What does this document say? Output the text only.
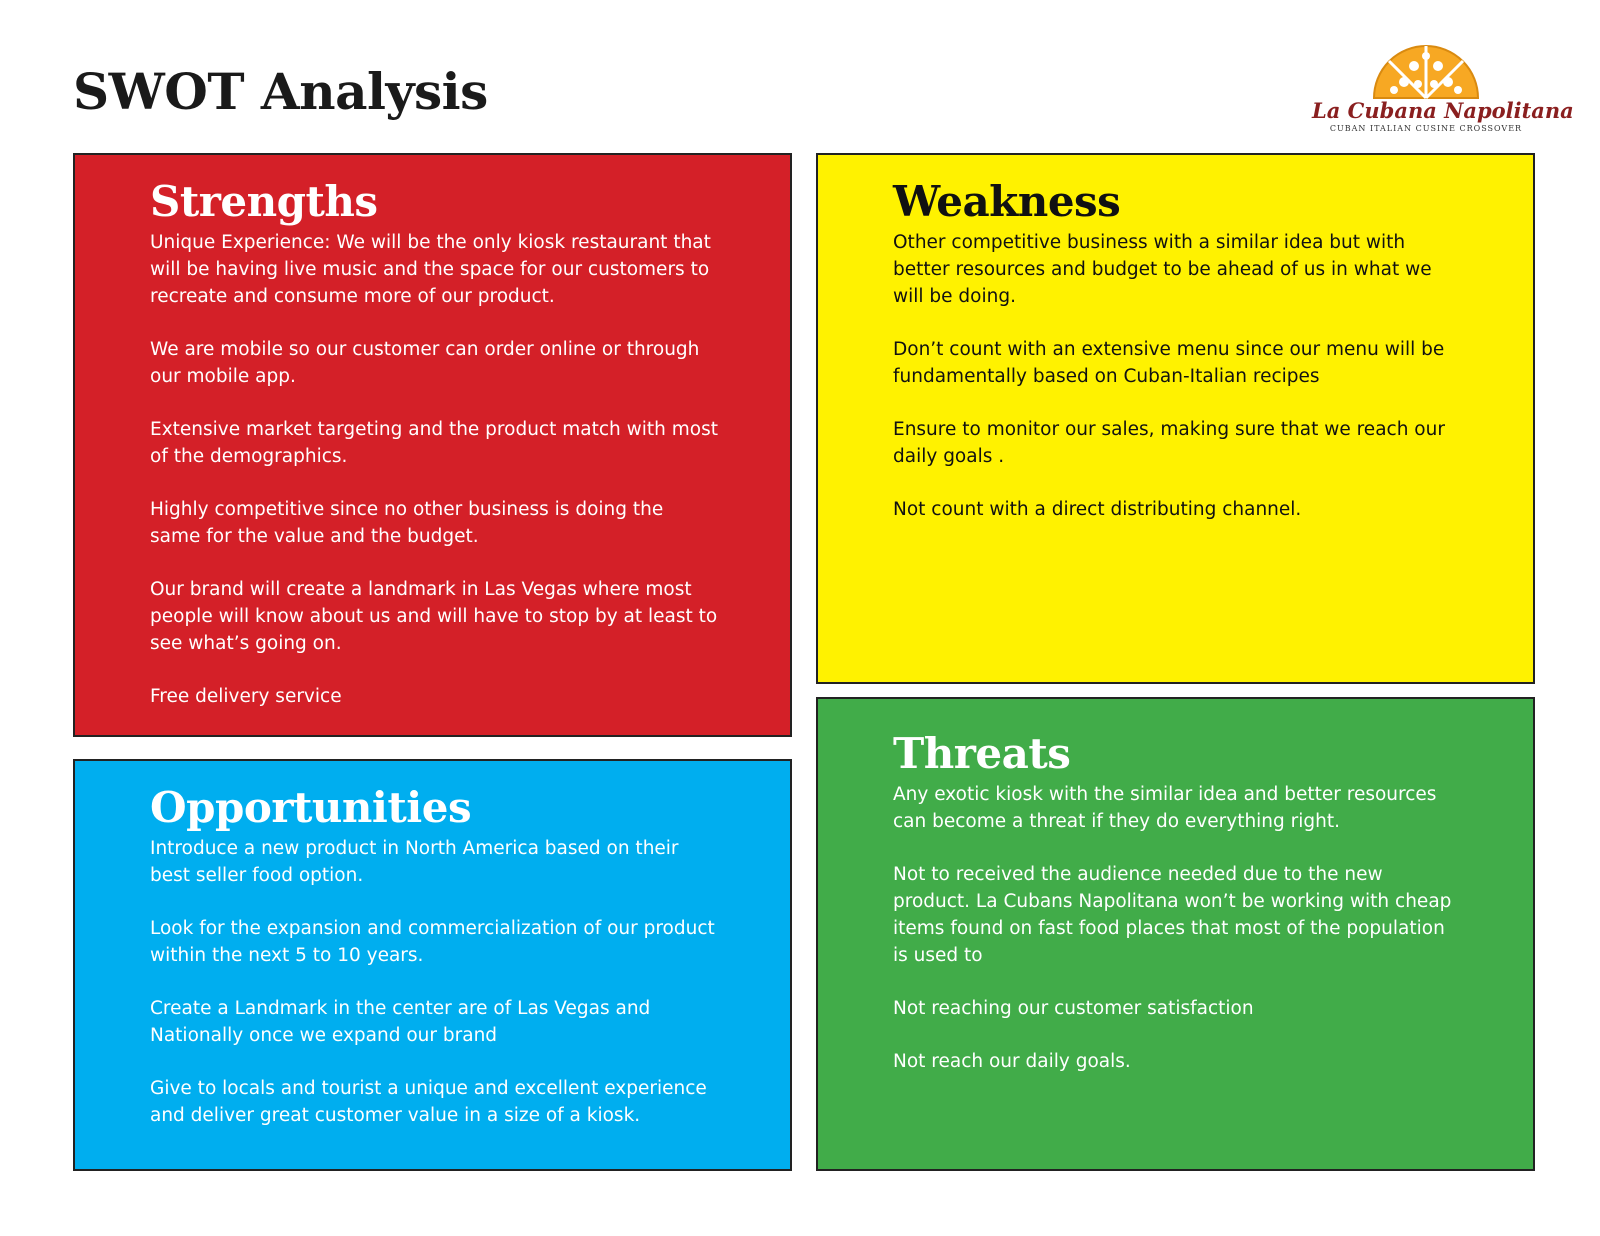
SWOT Analysis	La Cubana Napolitana
CUBAN ITALIAN CUSINE CROSSOVER
Strengths

Unique Experience: We will be the only kiosk restaurant that will be having live music and the space for our customers to recreate and consume more of our product.

We are mobile so our customer can order online or through our mobile app.

Extensive market targeting and the product match with most of the demographics.

Highly competitive since no other business is doing the same for the value and the budget.

Our brand will create a landmark in Las Vegas where most people will know about us and will have to stop by at least to see what’s going on.

Free delivery service

Weakness

Other competitive business with a similar idea but with better resources and budget to be ahead of us in what we will be doing.

Don’t count with an extensive menu since our menu will be fundamentally based on Cuban-Italian recipes

Ensure to monitor our sales, making sure that we reach our daily goals .

Not count with a direct distributing channel.

Opportunities

Introduce a new product in North America based on their best seller food option.

Look for the expansion and commercialization of our product within the next 5 to 10 years.

Create a Landmark in the center are of Las Vegas and Nationally once we expand our brand

Give to locals and tourist a unique and excellent experience and deliver great customer value in a size of a kiosk.

Threats

Any exotic kiosk with the similar idea and better resources can become a threat if they do everything right.

Not to received the audience needed due to the new product. La Cubans Napolitana won’t be working with cheap items found on fast food places that most of the population is used to

Not reaching our customer satisfaction

Not reach our daily goals.
